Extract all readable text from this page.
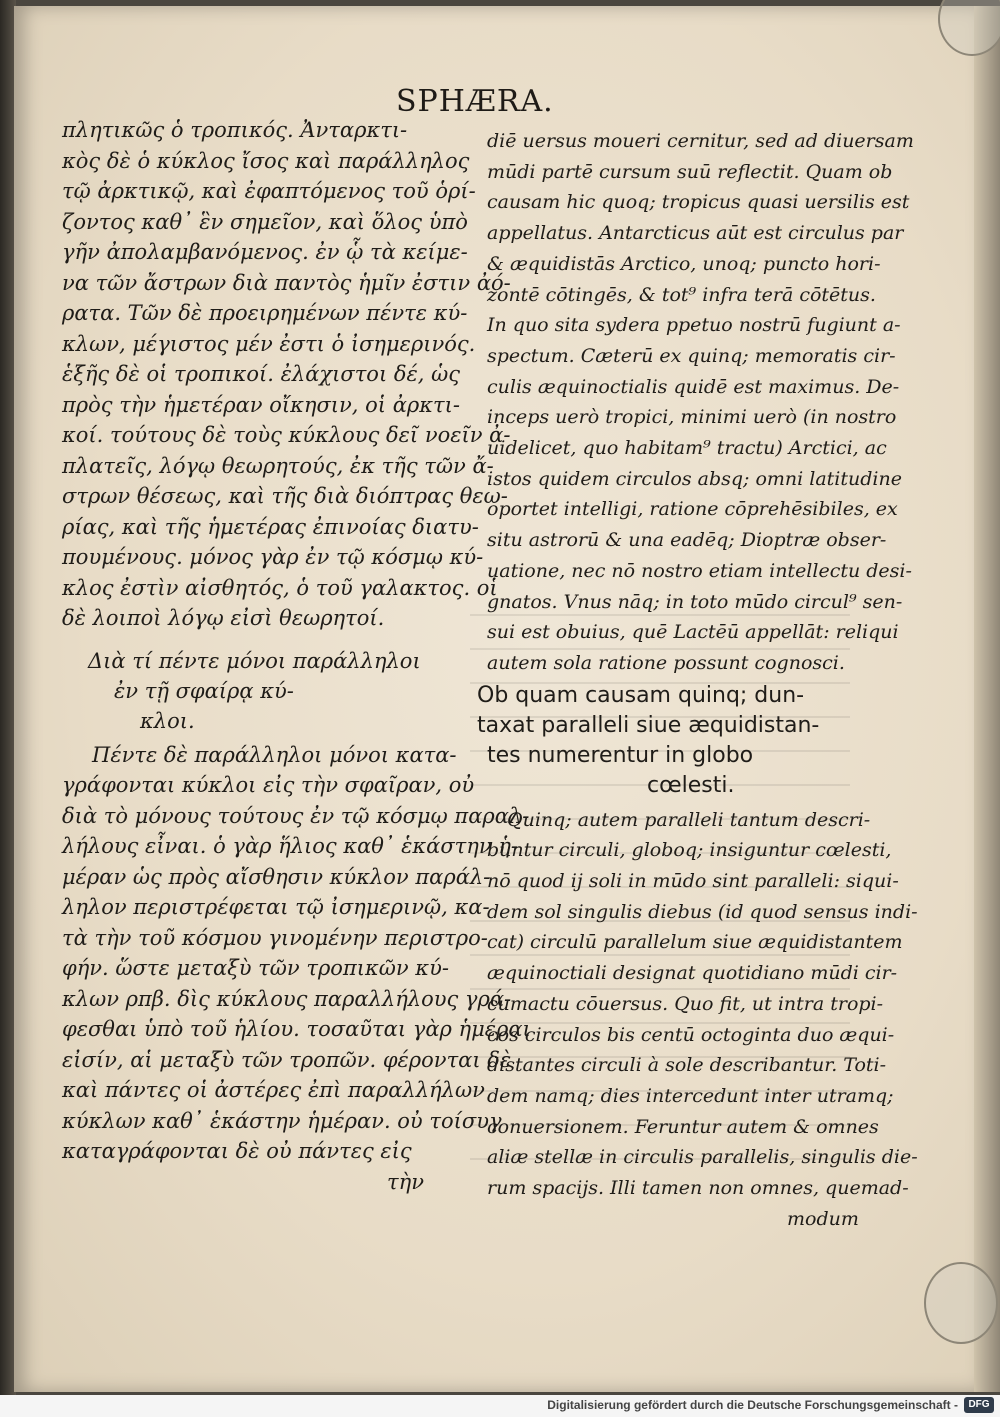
SPHÆRA.
πλητικῶς ὁ τροπικός. Ἀνταρκτι-
κὸς δὲ ὁ κύκλος ἴσος καὶ παράλληλος
τῷ ἀρκτικῷ, καὶ ἐφαπτόμενος τοῦ ὁρί-
ζοντος καθ᾽ ἓν σημεῖον, καὶ ὅλος ὑπὸ
γῆν ἀπολαμβανόμενος. ἐν ᾧ τὰ κείμε-
να τῶν ἄστρων διὰ παντὸς ἡμῖν ἐστιν ἀό-
ρατα. Τῶν δὲ προειρημένων πέντε κύ-
κλων, μέγιστος μέν ἐστι ὁ ἰσημερινός.
ἑξῆς δὲ οἱ τροπικοί. ἐλάχιστοι δέ, ὡς
πρὸς τὴν ἡμετέραν οἴκησιν, οἱ ἀρκτι-
κοί. τούτους δὲ τοὺς κύκλους δεῖ νοεῖν ἀ-
πλατεῖς, λόγῳ θεωρητούς, ἐκ τῆς τῶν ἄ-
στρων θέσεως, καὶ τῆς διὰ διόπτρας θεω-
ρίας, καὶ τῆς ἡμετέρας ἐπινοίας διατυ-
πουμένους. μόνος γὰρ ἐν τῷ κόσμῳ κύ-
κλος ἐστὶν αἰσθητός, ὁ τοῦ γαλακτος. οἱ
δὲ λοιποὶ λόγῳ εἰσὶ θεωρητοί.
Διὰ τί πέντε μόνοι παράλληλοι
ἐν τῇ σφαίρᾳ κύ-
κλοι.
Πέντε δὲ παράλληλοι μόνοι κατα-
γράφονται κύκλοι εἰς τὴν σφαῖραν, οὐ
διὰ τὸ μόνους τούτους ἐν τῷ κόσμῳ παραλ-
λήλους εἶναι. ὁ γὰρ ἥλιος καθ᾽ ἑκάστην ἡ-
μέραν ὡς πρὸς αἴσθησιν κύκλον παράλ-
ληλον περιστρέφεται τῷ ἰσημερινῷ, κα-
τὰ τὴν τοῦ κόσμου γινομένην περιστρο-
φήν. ὥστε μεταξὺ τῶν τροπικῶν κύ-
κλων ρπβ. δὶς κύκλους παραλλήλους γρά-
φεσθαι ὑπὸ τοῦ ἡλίου. τοσαῦται γὰρ ἡμέραι
εἰσίν, αἱ μεταξὺ τῶν τροπῶν. φέρονται δὲ
καὶ πάντες οἱ ἀστέρες ἐπὶ παραλλήλων
κύκλων καθ᾽ ἑκάστην ἡμέραν. οὐ τοίσυγ
καταγράφονται δὲ οὐ πάντες εἰς
τὴν
diē uersus moueri cernitur, sed ad diuersam
mūdi partē cursum suū reflectit. Quam ob
causam hic quoq; tropicus quasi uersilis est
appellatus. Antarcticus aūt est circulus par
& æquidistās Arctico, unoq; puncto hori-
zontē cōtingēs, & tot⁹ infra terā cōtētus.
In quo sita sydera ppetuo nostrū fugiunt a-
spectum. Cæterū ex quinq; memoratis cir-
culis æquinoctialis quidē est maximus. De-
inceps uerò tropici, minimi uerò (in nostro
uidelicet, quo habitam⁹ tractu) Arctici, ac
istos quidem circulos absq; omni latitudine
oportet intelligi, ratione cōprehēsibiles, ex
situ astrorū & una eadēq; Dioptræ obser-
uatione, nec nō nostro etiam intellectu desi-
gnatos. Vnus nāq; in toto mūdo circul⁹ sen-
sui est obuius, quē Lactēū appellāt: reliqui
autem sola ratione possunt cognosci.
Ob quam causam quinq; dun-
taxat paralleli siue æquidistan-
tes numerentur in globo
cœlesti.
Quinq; autem paralleli tantum descri-
buntur circuli, globoq; insiguntur cœlesti,
nō quod ij soli in mūdo sint paralleli: siqui-
dem sol singulis diebus (id quod sensus indi-
cat) circulū parallelum siue æquidistantem
æquinoctiali designat quotidiano mūdi cir-
cumactu cōuersus. Quo fit, ut intra tropi-
cos circulos bis centū octoginta duo æqui-
distantes circuli à sole describantur. Toti-
dem namq; dies intercedunt inter utramq;
conuersionem. Feruntur autem & omnes
aliæ stellæ in circulis parallelis, singulis die-
rum spacijs. Illi tamen non omnes, quemad-
modum
Digitalisierung gefördert durch die Deutsche Forschungsgemeinschaft -	DFG
